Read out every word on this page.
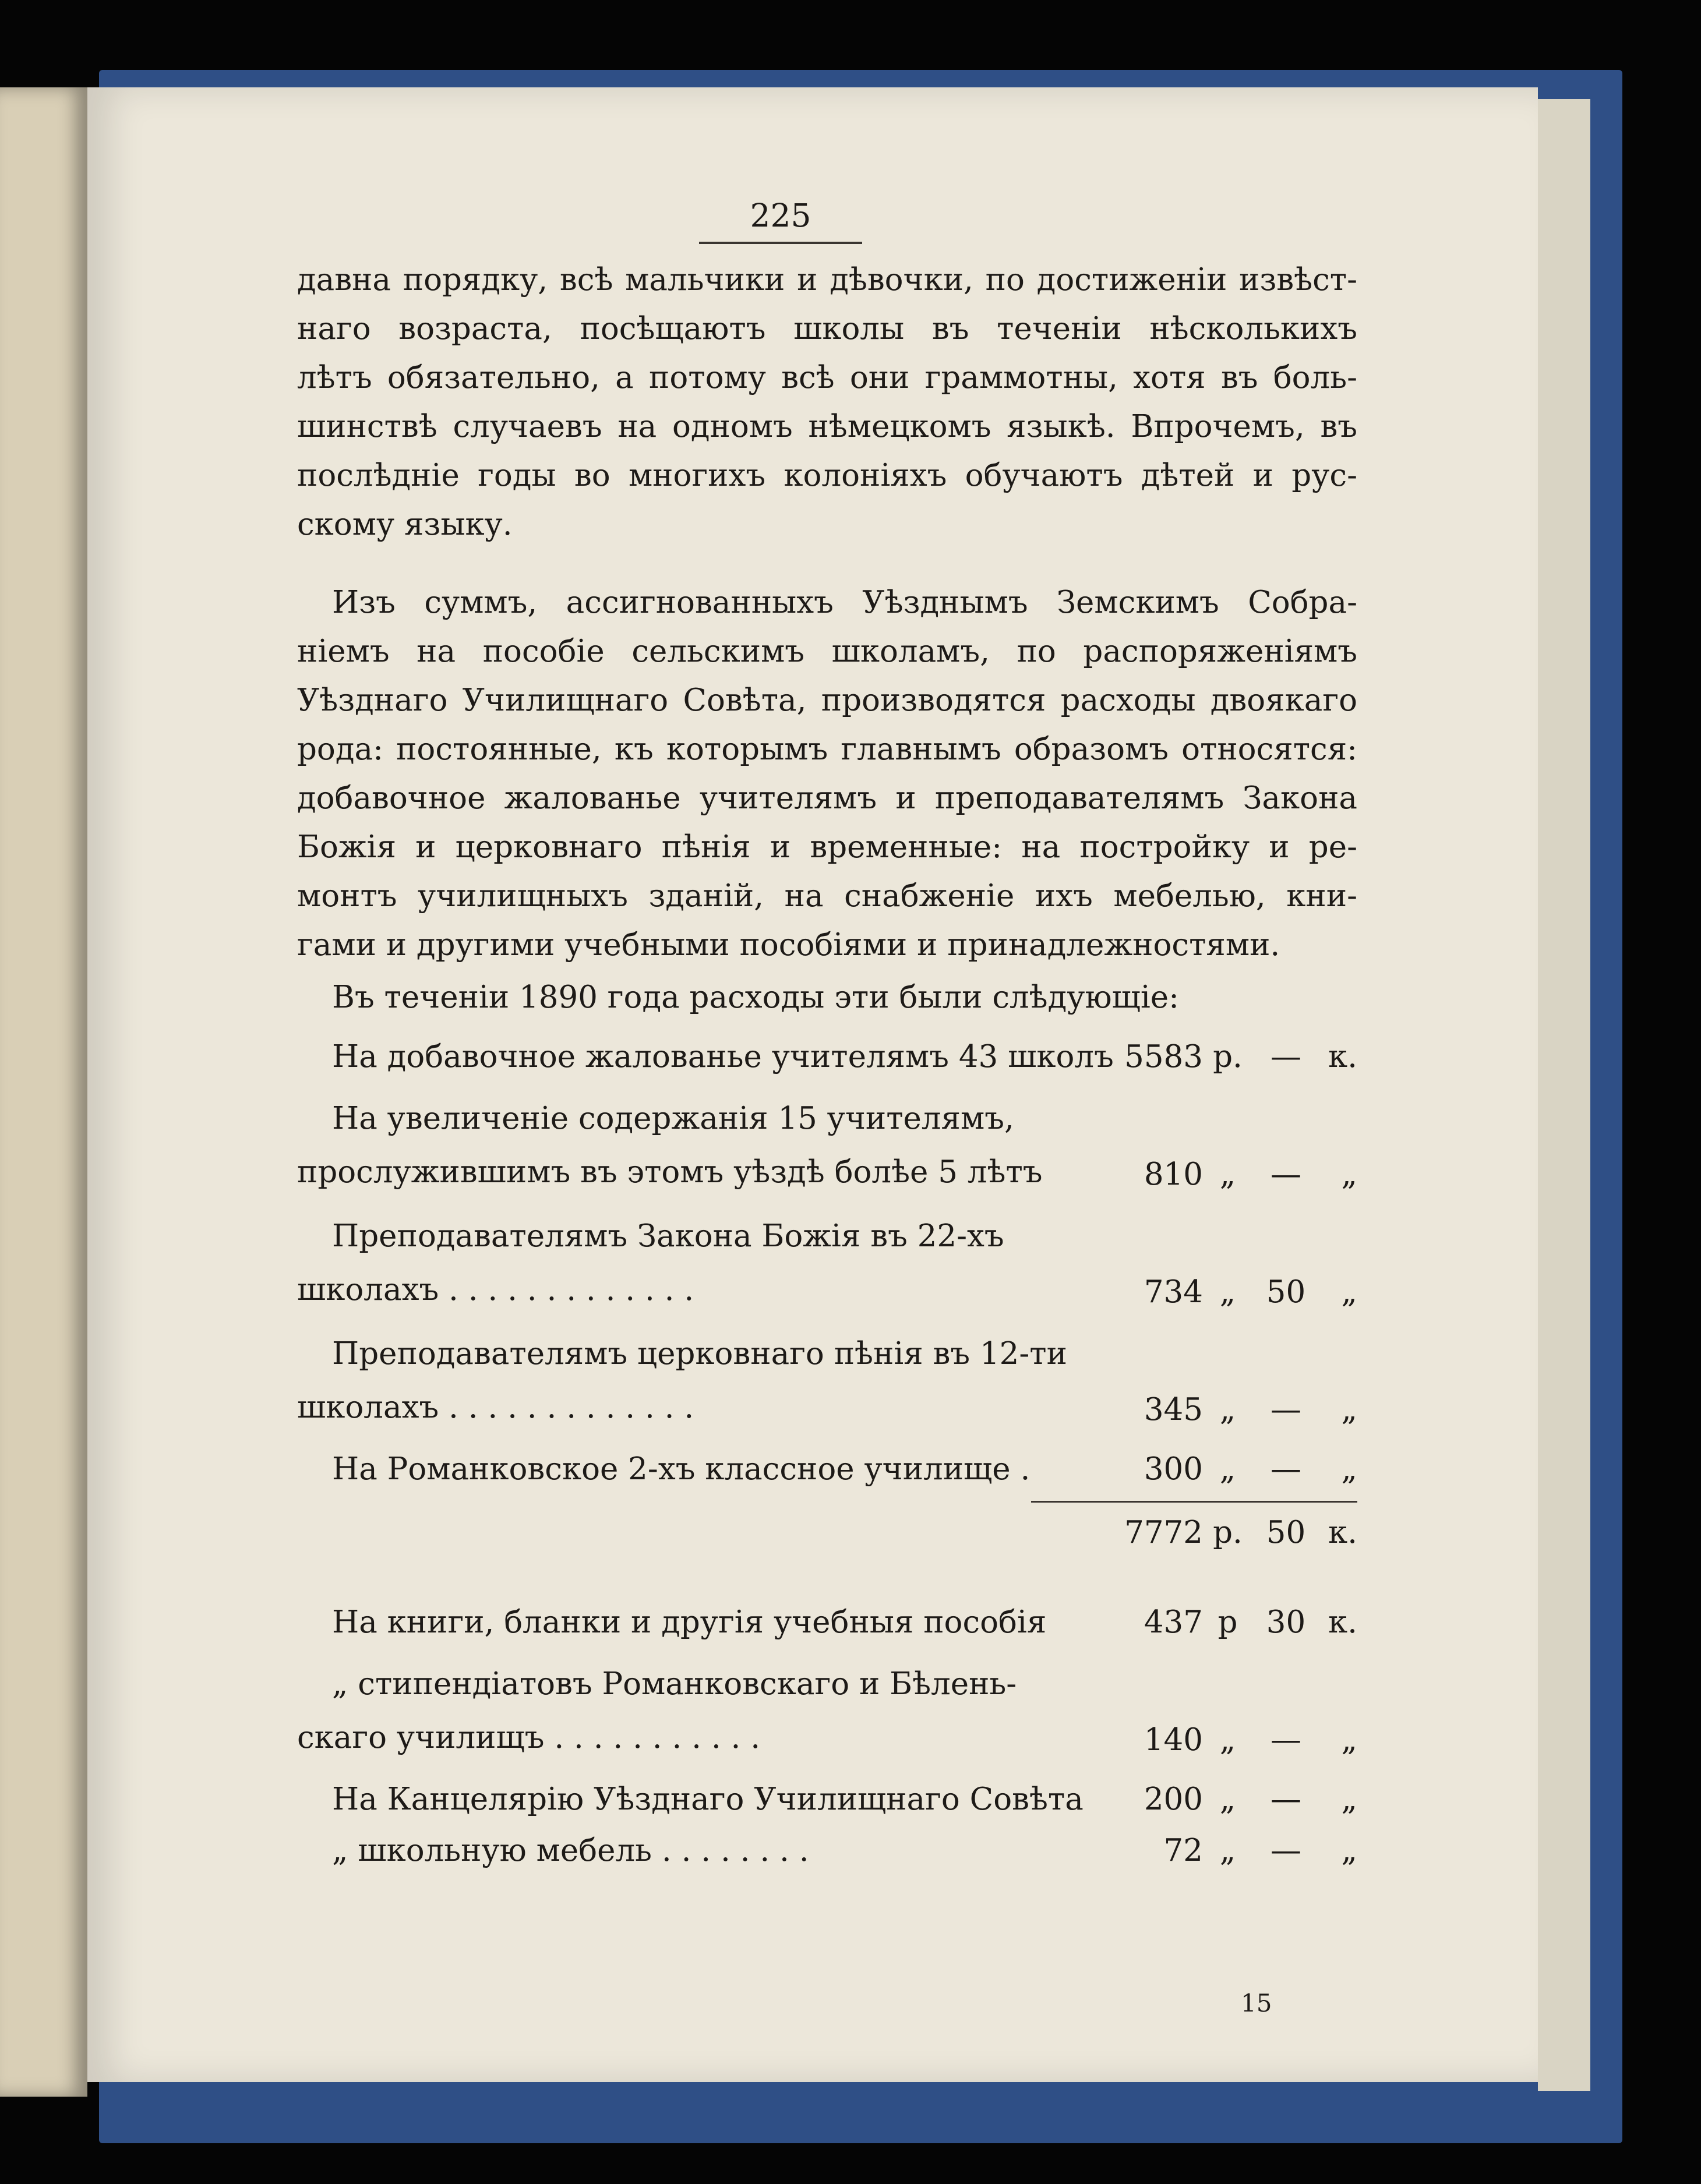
225
давна порядку, всѣ мальчики и дѣвочки, по достиженіи извѣст-
наго возраста, посѣщаютъ школы въ теченіи нѣсколькихъ
лѣтъ обязательно, а потому всѣ они граммотны, хотя въ боль-
шинствѣ случаевъ на одномъ нѣмецкомъ языкѣ. Впрочемъ, въ
послѣдніе годы во многихъ колоніяхъ обучаютъ дѣтей и рус-
скому языку.
Изъ суммъ, ассигнованныхъ Уѣзднымъ Земскимъ Собра-
ніемъ на пособіе сельскимъ школамъ, по распоряженіямъ
Уѣзднаго Училищнаго Совѣта, производятся расходы двоякаго
рода: постоянные, къ которымъ главнымъ образомъ относятся:
добавочное жалованье учителямъ и преподавателямъ Закона
Божія и церковнаго пѣнія и временные: на постройку и ре-
монтъ училищныхъ зданій, на снабженіе ихъ мебелью, кни-
гами и другими учебными пособіями и принадлежностями.
Въ теченіи 1890 года расходы эти были слѣдующіе:
На добавочное жалованье учителямъ 43 школъ 5583 р. — к.
На увеличеніе содержанія 15 учителямъ,
прослужившимъ въ этомъ уѣздѣ болѣе 5 лѣтъ	810 „	—	„
Преподавателямъ Закона Божія въ 22-хъ
школахъ . . . . . . . . . . . . .	734 „ 50	„
Преподавателямъ церковнаго пѣнія въ 12-ти
школахъ . . . . . . . . . . . . .	345 „	—	„
На Романковское 2-хъ классное училище .	300 „	—	„
7772 р. 50 к.
На книги, бланки и другія учебныя пособія	437 р 30 к.
„ стипендіатовъ Романковскаго и Бѣлень-
скаго училищъ . . . . . . . . . . .	140 „	—	„
На Канцелярію Уѣзднаго Училищнаго Совѣта	200 „	—	„
„ школьную мебель . . . . . . . .	72 „	—	„
15
